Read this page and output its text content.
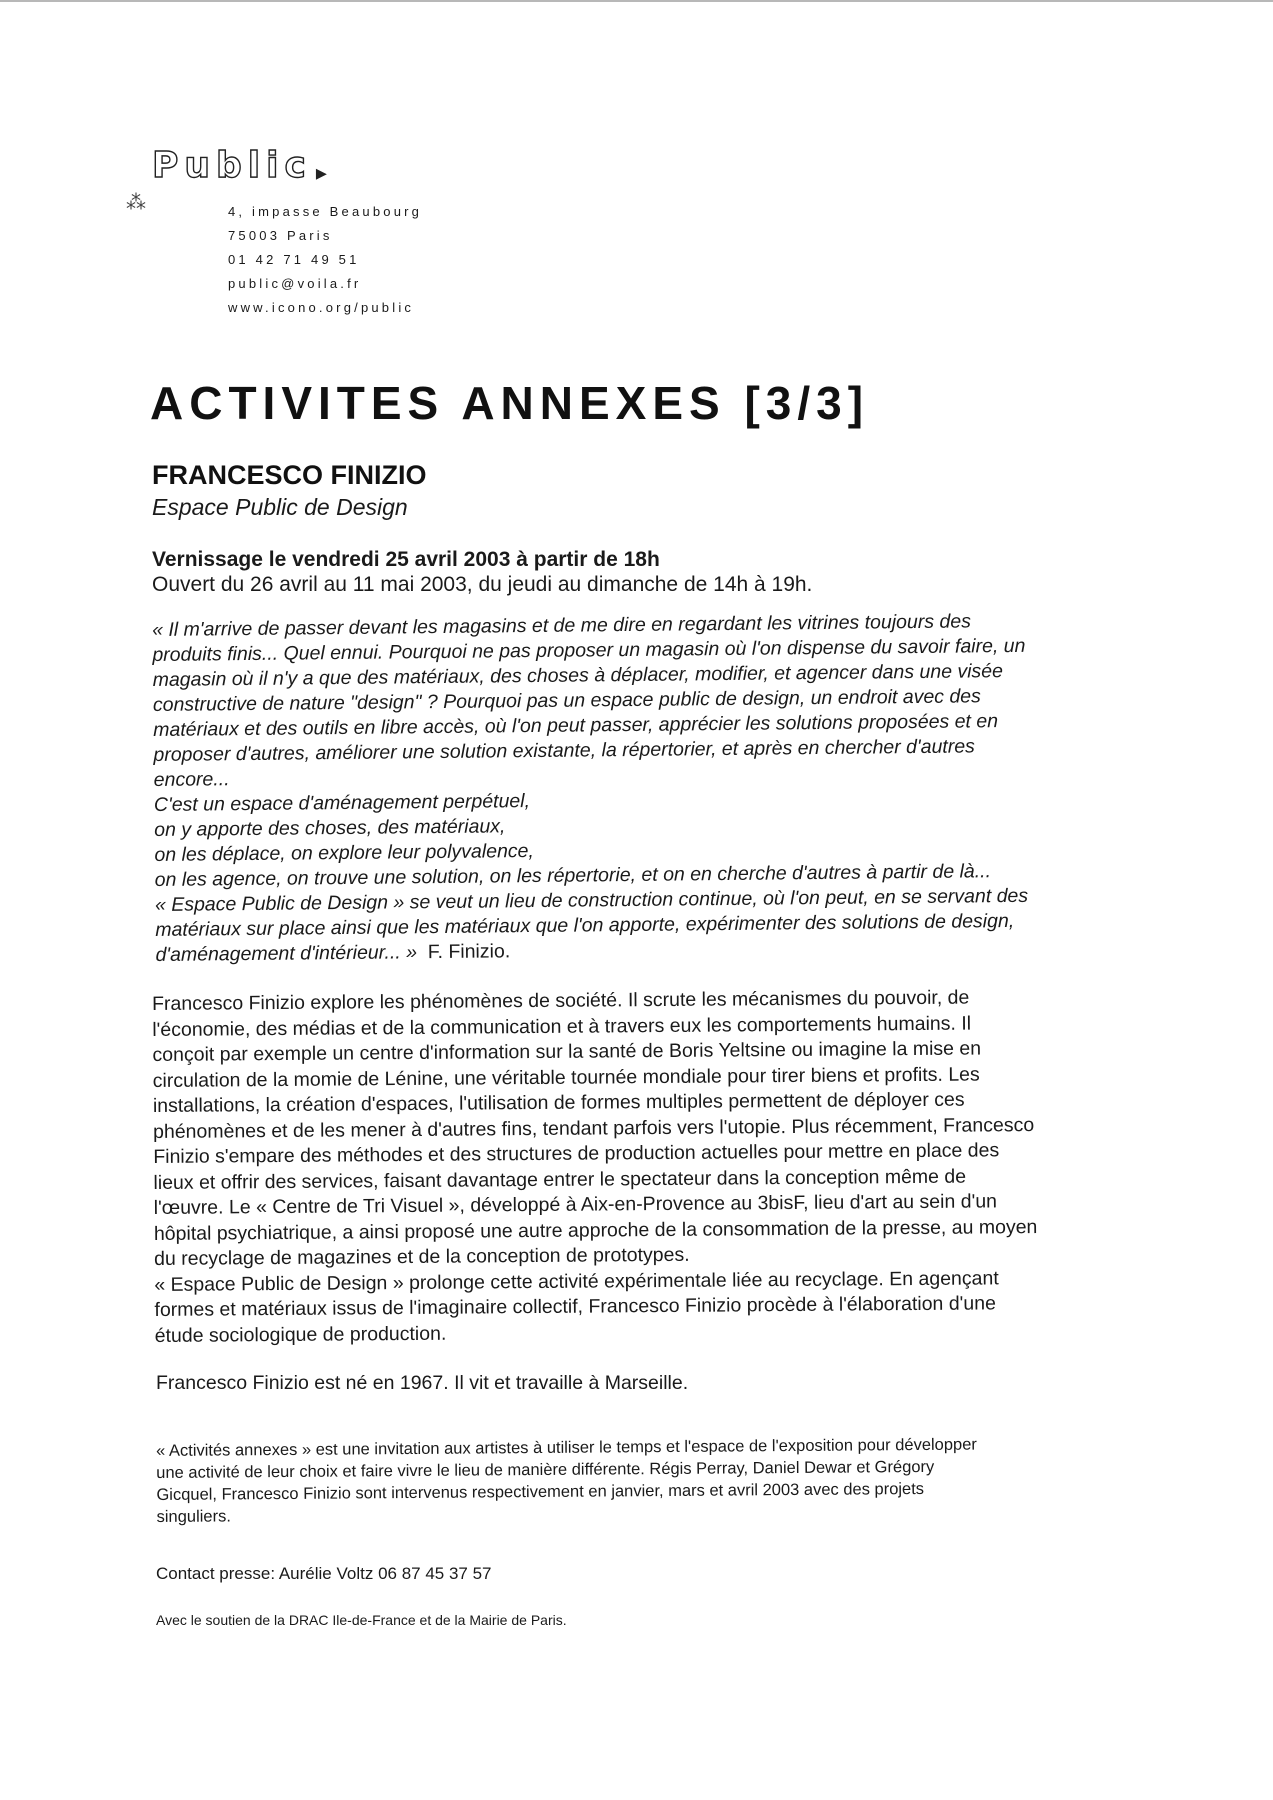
Public ▸
⁂	4, impasse Beaubourg
75003 Paris
01 42 71 49 51
public@voila.fr
www.icono.org/public
ACTIVITES ANNEXES [3/3]
FRANCESCO FINIZIO
Espace Public de Design
Vernissage le vendredi 25 avril 2003 à partir de 18h
Ouvert du 26 avril au 11 mai 2003, du jeudi au dimanche de 14h à 19h.
« Il m'arrive de passer devant les magasins et de me dire en regardant les vitrines toujours des
produits finis... Quel ennui. Pourquoi ne pas proposer un magasin où l'on dispense du savoir faire, un
magasin où il n'y a que des matériaux, des choses à déplacer, modifier, et agencer dans une visée
constructive de nature "design" ? Pourquoi pas un espace public de design, un endroit avec des
matériaux et des outils en libre accès, où l'on peut passer, apprécier les solutions proposées et en
proposer d'autres, améliorer une solution existante, la répertorier, et après en chercher d'autres
encore...
C'est un espace d'aménagement perpétuel,
on y apporte des choses, des matériaux,
on les déplace, on explore leur polyvalence,
on les agence, on trouve une solution, on les répertorie, et on en cherche d'autres à partir de là...
« Espace Public de Design » se veut un lieu de construction continue, où l'on peut, en se servant des
matériaux sur place ainsi que les matériaux que l'on apporte, expérimenter des solutions de design,
d'aménagement d'intérieur... » F. Finizio.
Francesco Finizio explore les phénomènes de société. Il scrute les mécanismes du pouvoir, de
l'économie, des médias et de la communication et à travers eux les comportements humains. Il
conçoit par exemple un centre d'information sur la santé de Boris Yeltsine ou imagine la mise en
circulation de la momie de Lénine, une véritable tournée mondiale pour tirer biens et profits. Les
installations, la création d'espaces, l'utilisation de formes multiples permettent de déployer ces
phénomènes et de les mener à d'autres fins, tendant parfois vers l'utopie. Plus récemment, Francesco
Finizio s'empare des méthodes et des structures de production actuelles pour mettre en place des
lieux et offrir des services, faisant davantage entrer le spectateur dans la conception même de
l'œuvre. Le « Centre de Tri Visuel », développé à Aix-en-Provence au 3bisF, lieu d'art au sein d'un
hôpital psychiatrique, a ainsi proposé une autre approche de la consommation de la presse, au moyen
du recyclage de magazines et de la conception de prototypes.
« Espace Public de Design » prolonge cette activité expérimentale liée au recyclage. En agençant
formes et matériaux issus de l'imaginaire collectif, Francesco Finizio procède à l'élaboration d'une
étude sociologique de production.
Francesco Finizio est né en 1967. Il vit et travaille à Marseille.
« Activités annexes » est une invitation aux artistes à utiliser le temps et l'espace de l'exposition pour développer
une activité de leur choix et faire vivre le lieu de manière différente. Régis Perray, Daniel Dewar et Grégory
Gicquel, Francesco Finizio sont intervenus respectivement en janvier, mars et avril 2003 avec des projets
singuliers.
Contact presse: Aurélie Voltz 06 87 45 37 57
Avec le soutien de la DRAC Ile-de-France et de la Mairie de Paris.
